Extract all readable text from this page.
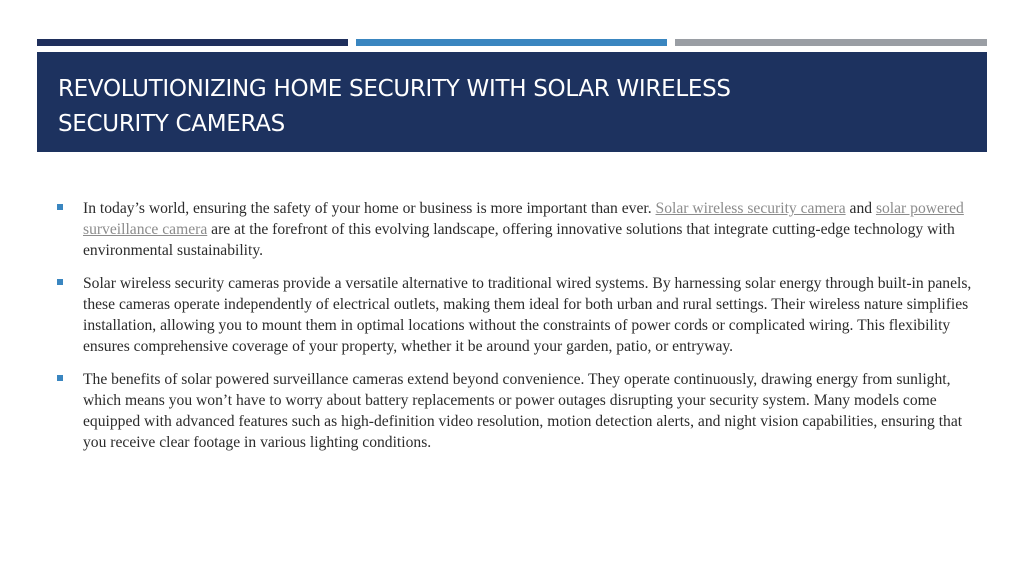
REVOLUTIONIZING HOME SECURITY WITH SOLAR WIRELESS
SECURITY CAMERAS
In today’s world, ensuring the safety of your home or business is more important than ever. Solar wireless security camera and solar powered surveillance camera are at the forefront of this evolving landscape, offering innovative solutions that integrate cutting-edge technology with environmental sustainability.
Solar wireless security cameras provide a versatile alternative to traditional wired systems. By harnessing solar energy through built-in panels, these cameras operate independently of electrical outlets, making them ideal for both urban and rural settings. Their wireless nature simplifies installation, allowing you to mount them in optimal locations without the constraints of power cords or complicated wiring. This flexibility ensures comprehensive coverage of your property, whether it be around your garden, patio, or entryway.
The benefits of solar powered surveillance cameras extend beyond convenience. They operate continuously, drawing energy from sunlight, which means you won’t have to worry about battery replacements or power outages disrupting your security system. Many models come equipped with advanced features such as high-definition video resolution, motion detection alerts, and night vision capabilities, ensuring that you receive clear footage in various lighting conditions.
